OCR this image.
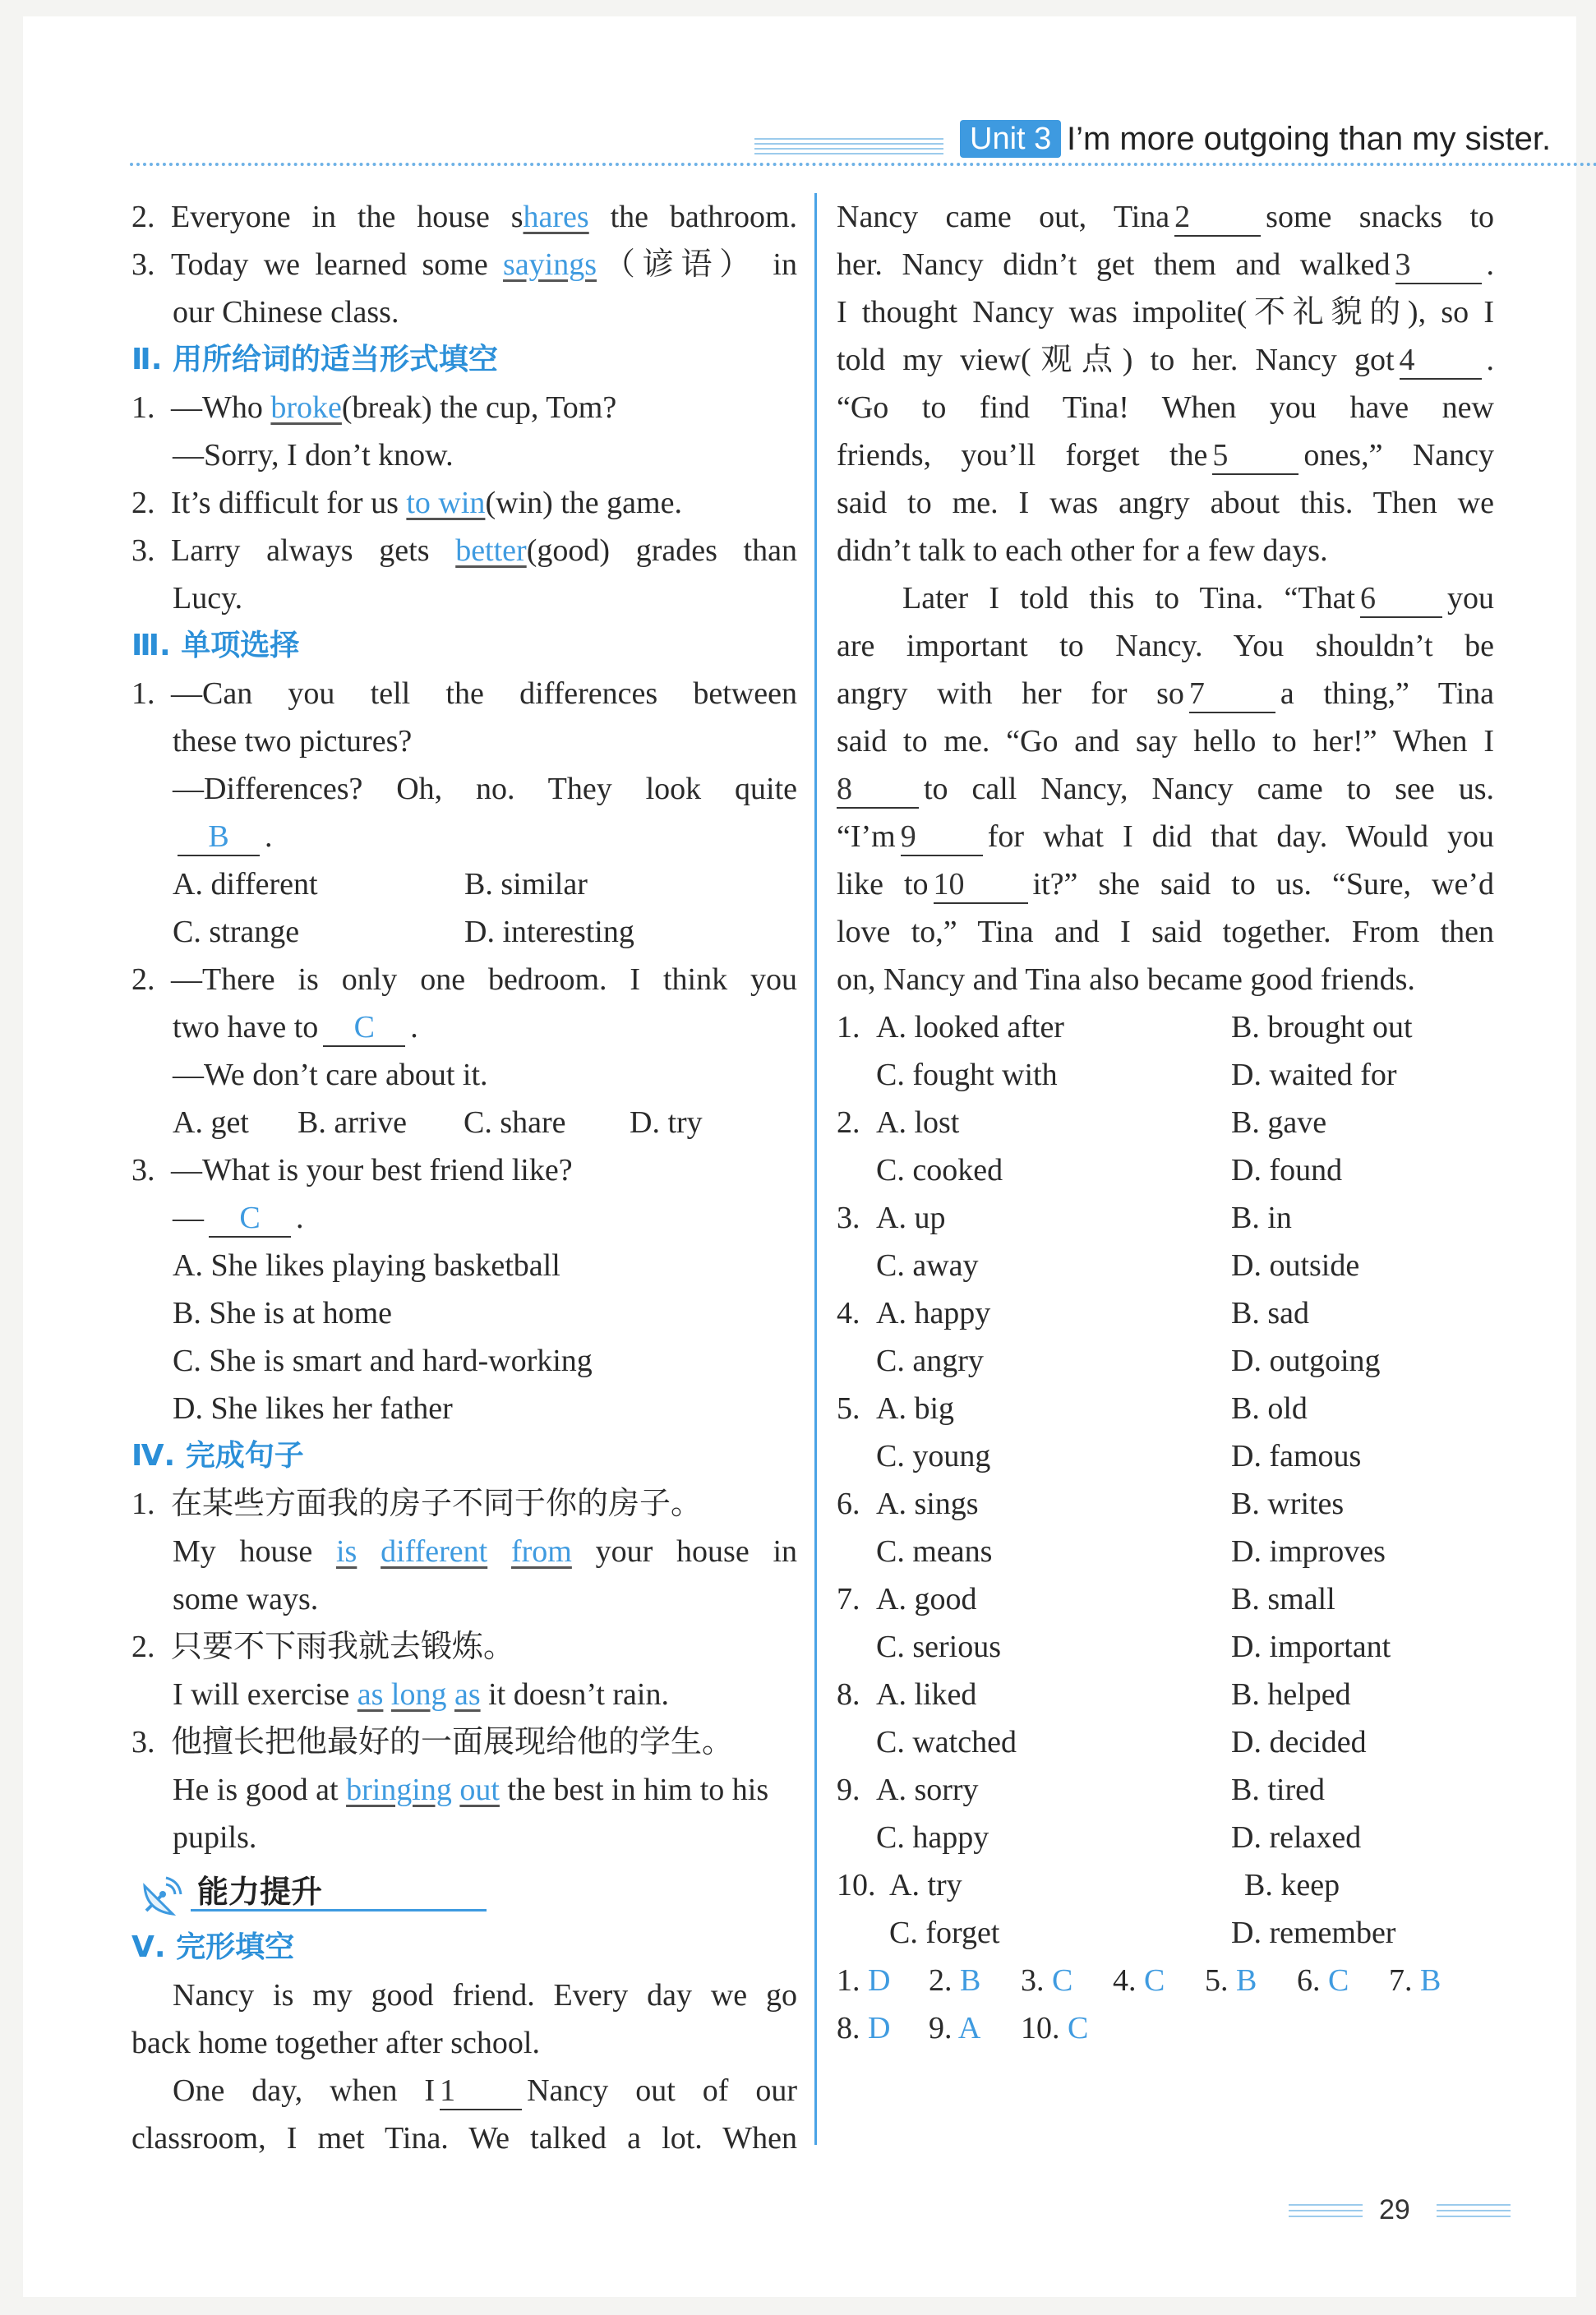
Unit 3 I’m more outgoing than my sister.
2. Everyone in the house shares the bathroom.
3. Today we learned some sayings（谚语） in
our Chinese class.
Ⅱ. 用所给词的适当形式填空
1. —Who broke(break) the cup, Tom?
—Sorry, I don’t know.
2. It’s difficult for us to win(win) the game.
3. Larry always gets better(good) grades than
Lucy.
Ⅲ. 单项选择
1. —Can you tell the differences between
these two pictures?
—Differences? Oh, no. They look quite
B .
A. different	B. similar
C. strange	D. interesting
2. —There is only one bedroom. I think you
two have to C .
—We don’t care about it.
A. get B. arrive C. share D. try
3. —What is your best friend like?
— C .
A. She likes playing basketball
B. She is at home
C. She is smart and hard-working
D. She likes her father
Ⅳ. 完成句子
1. 在某些方面我的房子不同于你的房子。
My house is different from your house in
some ways.
2. 只要不下雨我就去锻炼。
I will exercise as long as it doesn’t rain.
3. 他擅长把他最好的一面展现给他的学生。
He is good at bringing out the best in him to his
pupils.
能力提升
Ⅴ. 完形填空
Nancy is my good friend. Every day we go
back home together after school.
One day, when I 1 Nancy out of our
classroom, I met Tina. We talked a lot. When
Nancy came out, Tina 2 some snacks to
her. Nancy didn’t get them and walked 3 .
I thought Nancy was impolite(不礼貌的), so I
told my view(观点) to her. Nancy got 4 .
“Go to find Tina! When you have new
friends, you’ll forget the 5 ones,” Nancy
said to me. I was angry about this. Then we
didn’t talk to each other for a few days.
Later I told this to Tina. “That 6 you
are important to Nancy. You shouldn’t be
angry with her for so 7 a thing,” Tina
said to me. “Go and say hello to her!” When I
8 to call Nancy, Nancy came to see us.
“I’m 9 for what I did that day. Would you
like to 10 it?” she said to us. “Sure, we’d
love to,” Tina and I said together. From then
on, Nancy and Tina also became good friends.
1. A. looked after	B. brought out
C. fought with	D. waited for
2. A. lost	B. gave
C. cooked	D. found
3. A. up	B. in
C. away	D. outside
4. A. happy	B. sad
C. angry	D. outgoing
5. A. big	B. old
C. young	D. famous
6. A. sings	B. writes
C. means	D. improves
7. A. good	B. small
C. serious	D. important
8. A. liked	B. helped
C. watched	D. decided
9. A. sorry	B. tired
C. happy	D. relaxed
10. A. try	B. keep
C. forget	D. remember
1. D 2. B 3. C 4. C 5. B 6. C 7. B
8. D 9. A 10. C
29
